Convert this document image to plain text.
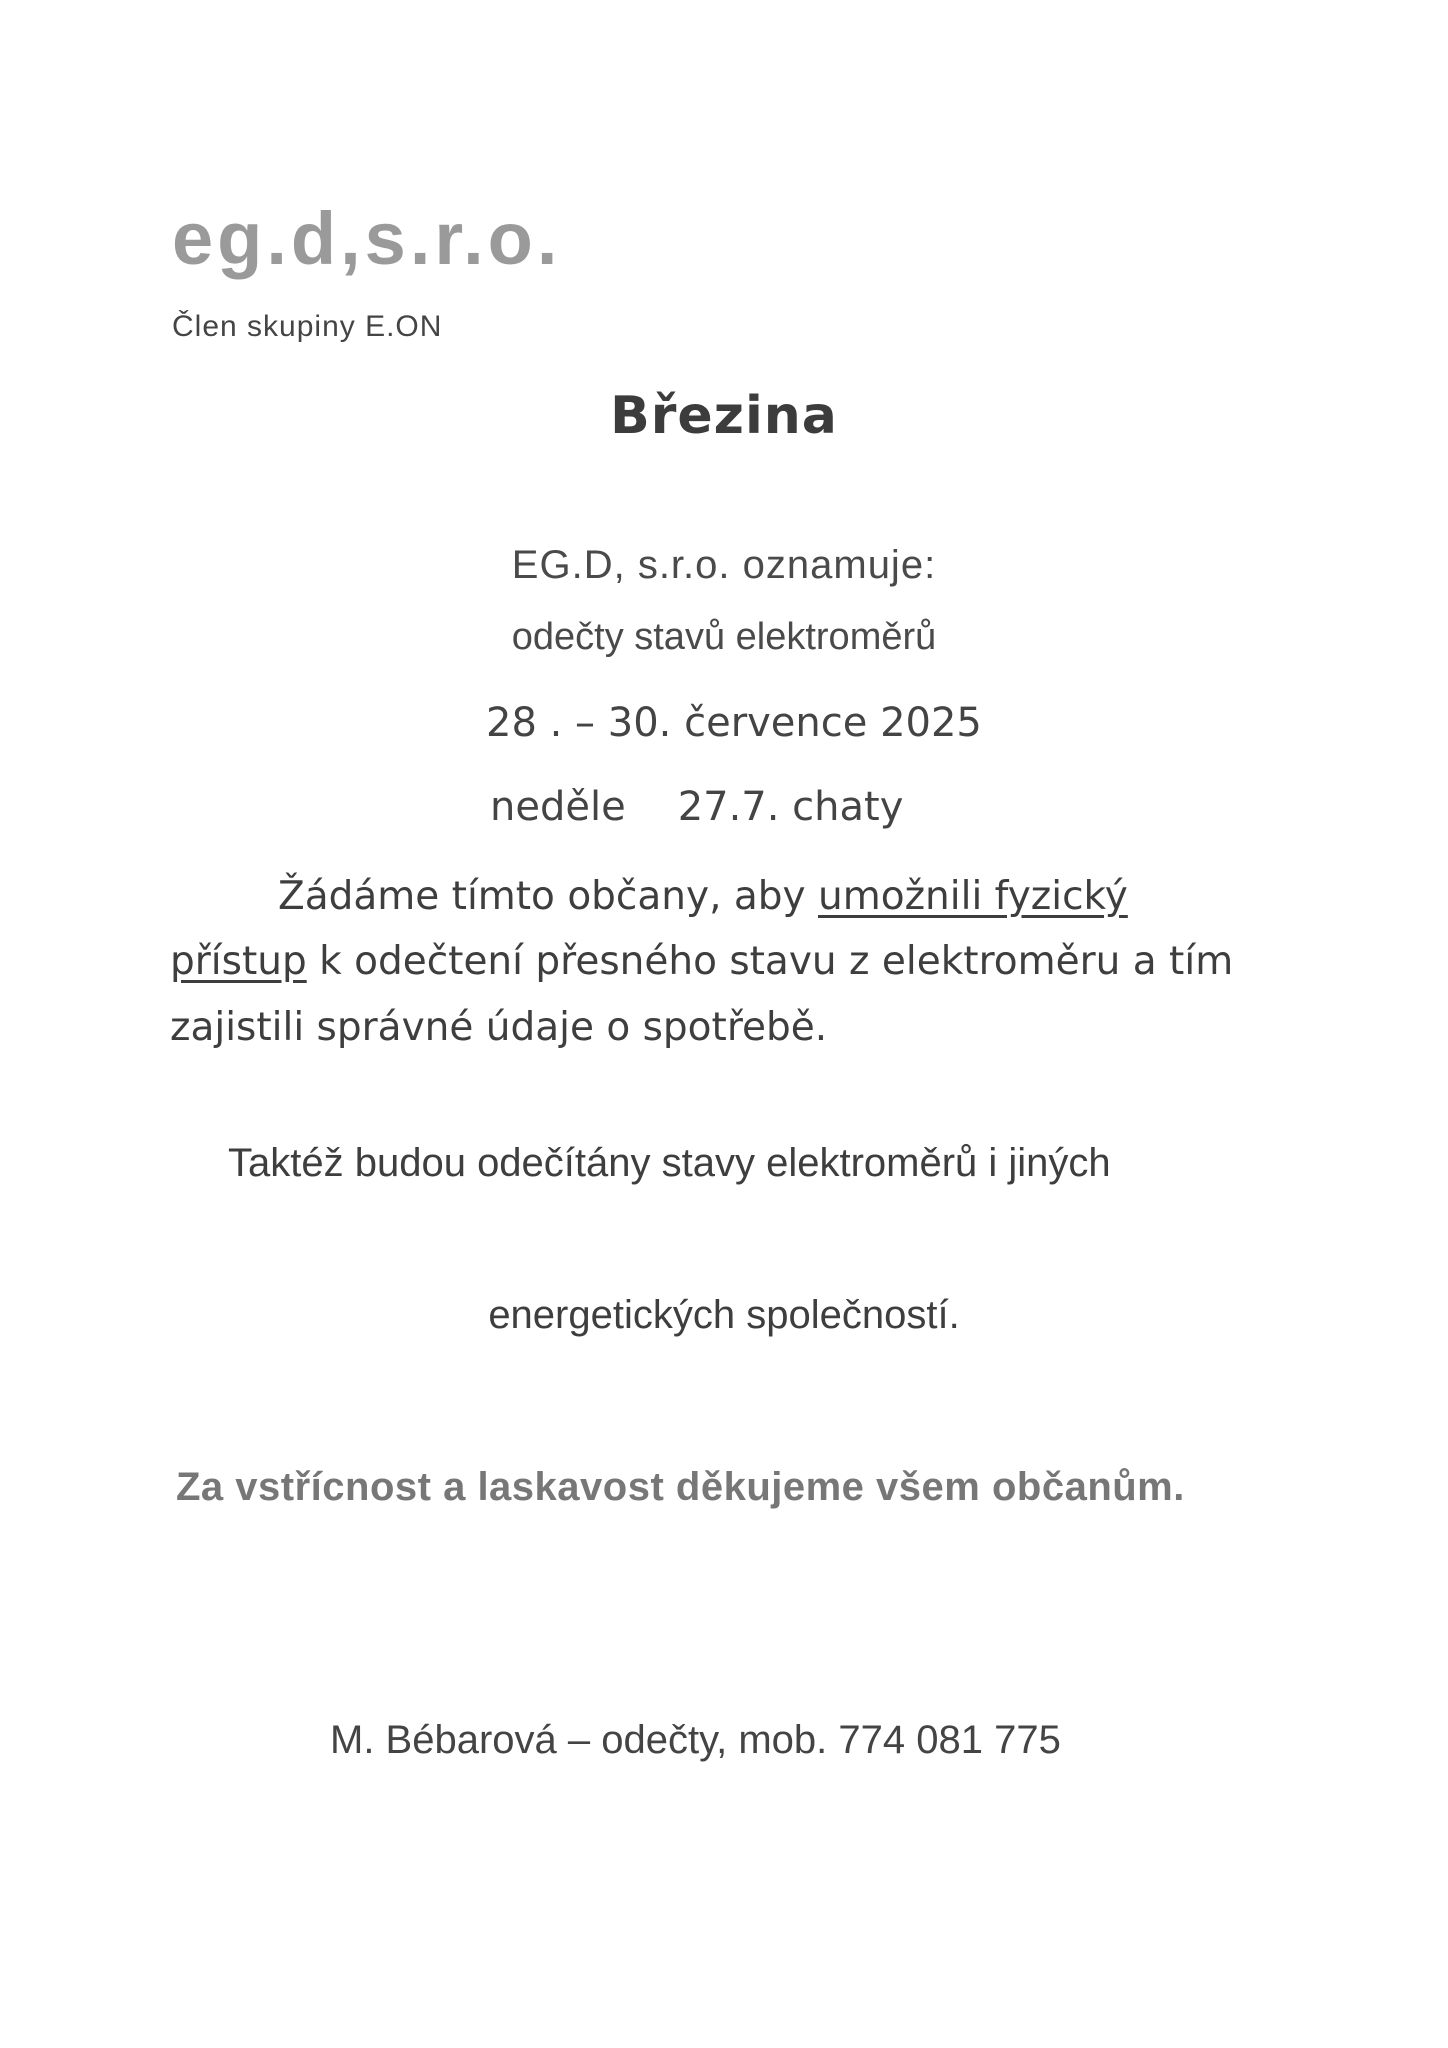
eg.d,s.r.o.
Člen skupiny E.ON
Březina
EG.D, s.r.o. oznamuje:
odečty stavů elektroměrů
28 . – 30. července 2025
neděle 27.7. chaty
Žádáme tímto občany, aby umožnili fyzický
přístup k odečtení přesného stavu z elektroměru a tím
zajistili správné údaje o spotřebě.
Taktéž budou odečítány stavy elektroměrů i jiných
energetických společností.
Za vstřícnost a laskavost děkujeme všem občanům.
M. Bébarová – odečty, mob. 774 081 775
